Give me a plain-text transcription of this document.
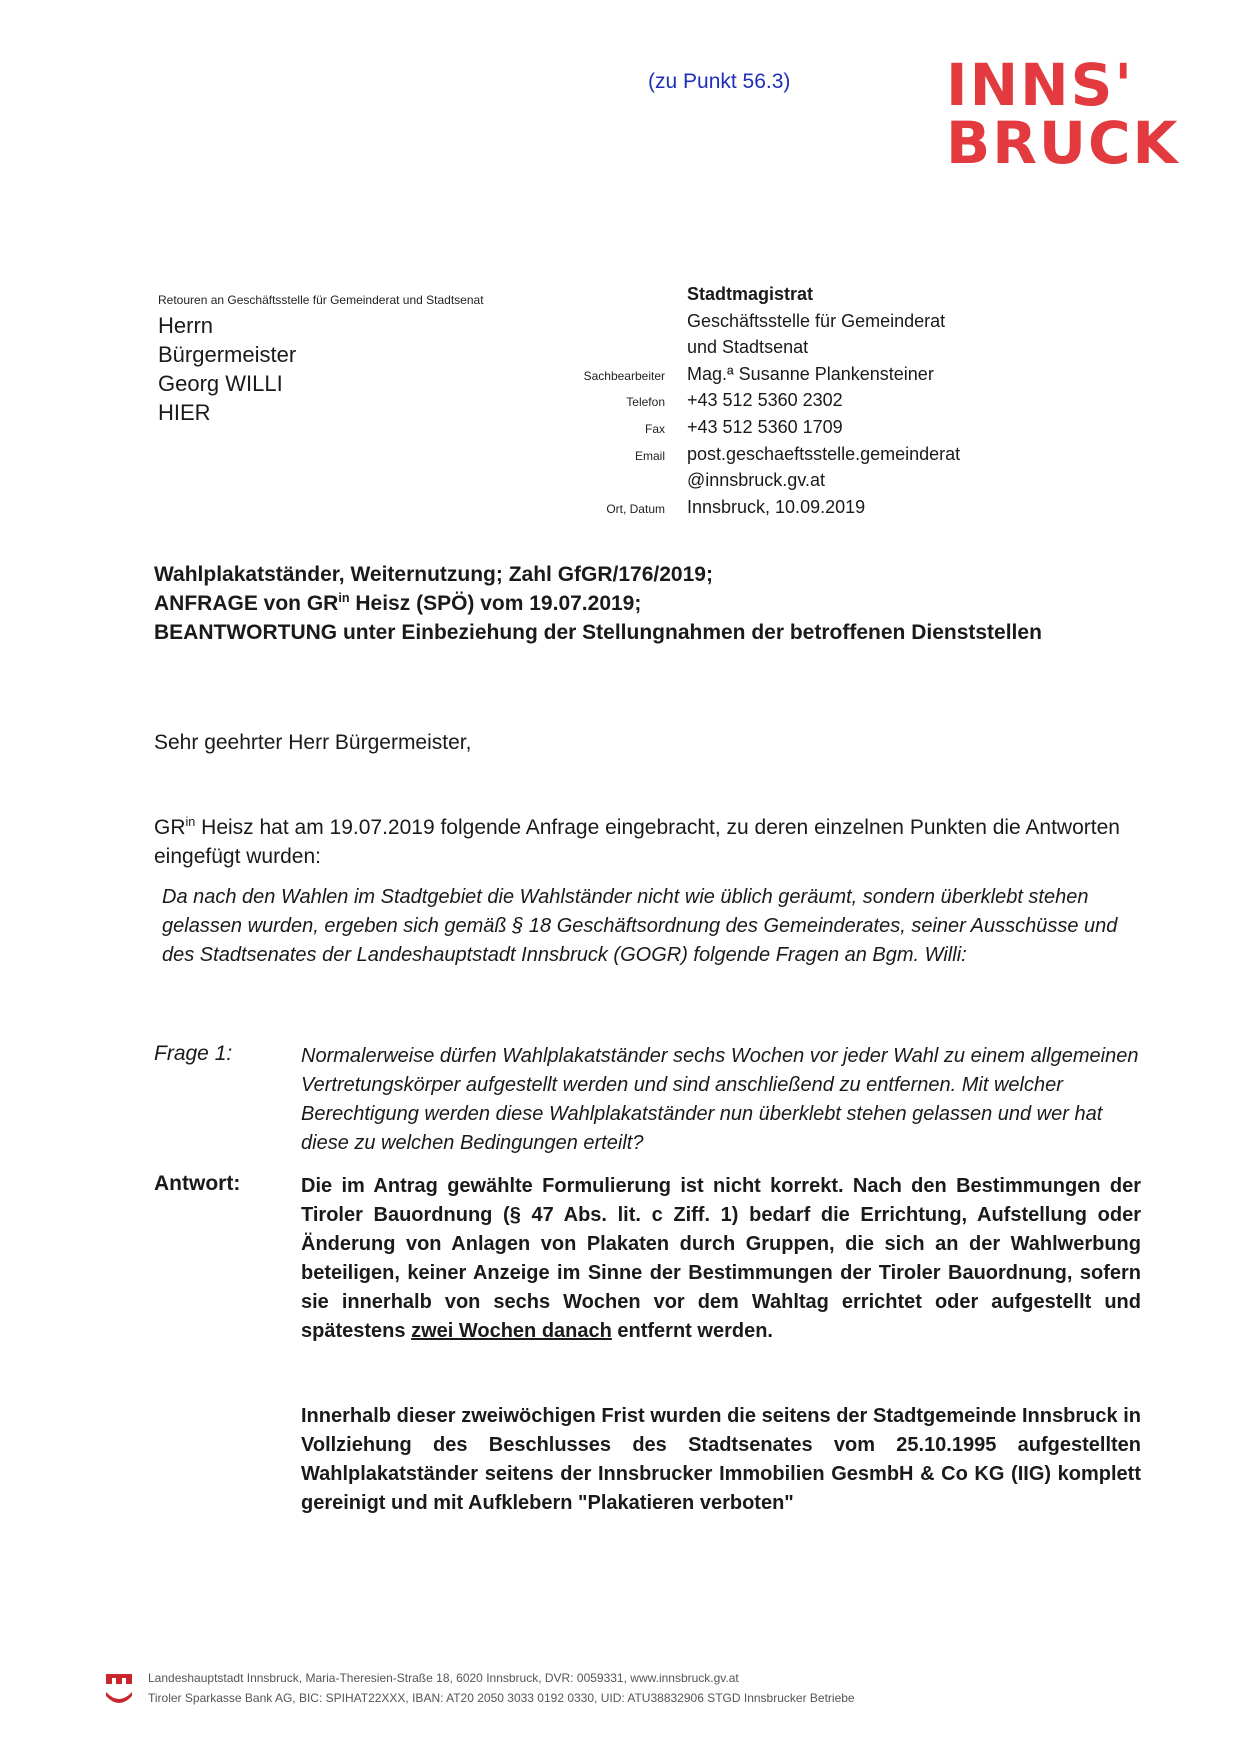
(zu Punkt 56.3)	INNS'
BRUCK
Retouren an Geschäftsstelle für Gemeinderat und Stadtsenat
Herrn
Bürgermeister
Georg WILLI
HIER
Stadtmagistrat
Geschäftsstelle für Gemeinderat
und Stadtsenat
Sachbearbeiter	Mag.ª Susanne Plankensteiner
Telefon	+43 512 5360 2302
Fax	+43 512 5360 1709
Email	post.geschaeftsstelle.gemeinderat
@innsbruck.gv.at
Ort, Datum	Innsbruck, 10.09.2019
Wahlplakatständer, Weiternutzung; Zahl GfGR/176/2019;
ANFRAGE von $GR^{in}$ Heisz (SPÖ) vom 19.07.2019;
BEANTWORTUNG unter Einbeziehung der Stellungnahmen der betroffenen Dienststellen
Sehr geehrter Herr Bürgermeister,
$GR^{in}$ Heisz hat am 19.07.2019 folgende Anfrage eingebracht, zu deren einzelnen Punkten die Antworten eingefügt wurden:
Da nach den Wahlen im Stadtgebiet die Wahlständer nicht wie üblich geräumt, sondern überklebt stehen gelassen wurden, ergeben sich gemäß § 18 Geschäftsordnung des Gemeinderates, seiner Ausschüsse und des Stadtsenates der Landeshauptstadt Innsbruck (GOGR) folgende Fragen an Bgm. Willi:
Frage 1:	Normalerweise dürfen Wahlplakatständer sechs Wochen vor jeder Wahl zu einem allgemeinen Vertretungskörper aufgestellt werden und sind anschließend zu entfernen. Mit welcher Berechtigung werden diese Wahlplakatständer nun überklebt stehen gelassen und wer hat diese zu welchen Bedingungen erteilt?
Antwort:	Die im Antrag gewählte Formulierung ist nicht korrekt. Nach den Bestimmungen der Tiroler Bauordnung (§ 47 Abs. lit. c Ziff. 1) bedarf die Errichtung, Aufstellung oder Änderung von Anlagen von Plakaten durch Gruppen, die sich an der Wahlwerbung beteiligen, keiner Anzeige im Sinne der Bestimmungen der Tiroler Bauordnung, sofern sie innerhalb von sechs Wochen vor dem Wahltag errichtet oder aufgestellt und spätestens zwei Wochen danach entfernt werden.
Innerhalb dieser zweiwöchigen Frist wurden die seitens der Stadtgemeinde Innsbruck in Vollziehung des Beschlusses des Stadtsenates vom 25.10.1995 aufgestellten Wahlplakatständer seitens der Innsbrucker Immobilien GesmbH & Co KG (IIG) komplett gereinigt und mit Aufklebern "Plakatieren verboten"
Landeshauptstadt Innsbruck, Maria-Theresien-Straße 18, 6020 Innsbruck, DVR: 0059331, www.innsbruck.gv.at
Tiroler Sparkasse Bank AG, BIC: SPIHAT22XXX, IBAN: AT20 2050 3033 0192 0330, UID: ATU38832906 STGD Innsbrucker Betriebe
